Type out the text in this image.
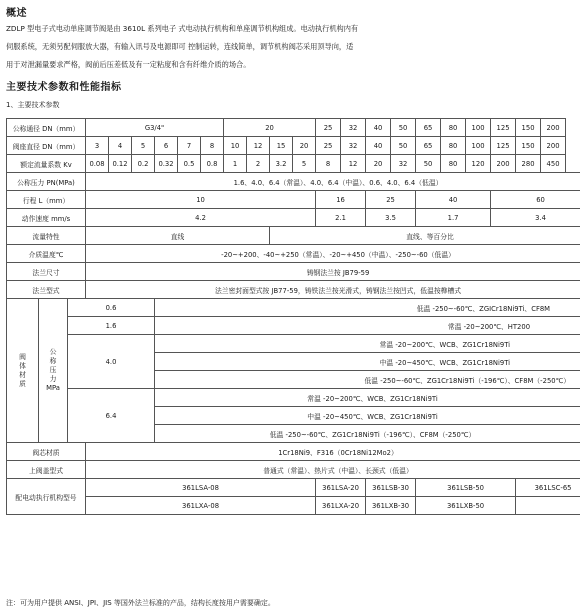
概述
ZDLP 型电子式电动单座调节阀是由 3610L 系列电子 式电动执行机构和单座调节机构组成。电动执行机构内有
伺服系统，无须另配伺服放大器，有输入讯号及电源即可 控制运转，连线简单，调节机构阀芯采用顶导向，适
用于对泄漏量要求严格，阀前后压差低及有一定粘度和含有纤维介质的场合。
主要技术参数和性能指标
1、主要技术参数
公称通径 DN（mm）			G3/4"						20				25	32	40	50	65	80	100	125	150	200
阀座直径 DN（mm）			3	4	5	6	7	8	10	12	15	20	25	32	40	50	65	80	100	125	150	200
额定流量系数 Kv			0.08	0.12	0.2	0.32	0.5	0.8	1	2	3.2	5	8	12	20	32	50	80	120	200	280	450
公称压力 PN(MPa)			1.6、4.0、6.4（常温）、4.0、6.4（中温）、0.6、4.0、6.4（低温）																			
行程 L（mm）			10										16		25		40			60		
动作速度 mm/s			4.2										2.1		3.5		1.7			3.4		
流量特性			直线								直线、等百分比											
介质温度℃			-20~+200、-40~+250（常温）、-20~+450（中温）、-250~-60（低温）																			
法兰尺寸			铸钢法兰按 JB79-59																			
法兰型式			法兰密封面型式按 JB77-59，铸铁法兰按光滑式，铸钢法兰按凹式，低温按榫槽式																			
阀
体
材
质	公
称
压
力
MPa	0.6				低温 -250~-60℃、ZGICr18Ni9Ti、CF8M																
		1.6				常温 -20~200℃、HT200																
		4.0				常温 -20~200℃、WCB、ZG1Cr18Ni9Ti																
						中温 -20~450℃、WCB、ZG1Cr18Ni9Ti																
						低温 -250~-60℃、ZG1Cr18Ni9Ti（-196℃）、CF8M（-250℃）																
		6.4				常温 -20~200℃、WCB、ZG1Cr18Ni9Ti																
						中温 -20~450℃、WCB、ZG1Cr18Ni9Ti																
						低温 -250~-60℃、ZG1Cr18Ni9Ti（-196℃）、CF8M（-250℃）																
阀芯材质			1Cr18Ni9、F316（0Cr18Ni12Mo2）																			
上阀盖型式			普通式（常温）、热片式（中温）、长颈式（低温）																			
配电动执行机构型号			361LSA-08										361LSA-20		361LSB-30		361LSB-50				361LSC-65	
			361LXA-08										361LXA-20		361LXB-30		361LXB-50					
注：可为用户提供 ANSI、JPI、JIS 等国外法兰标准的产品，结构长度按用户需要确定。
